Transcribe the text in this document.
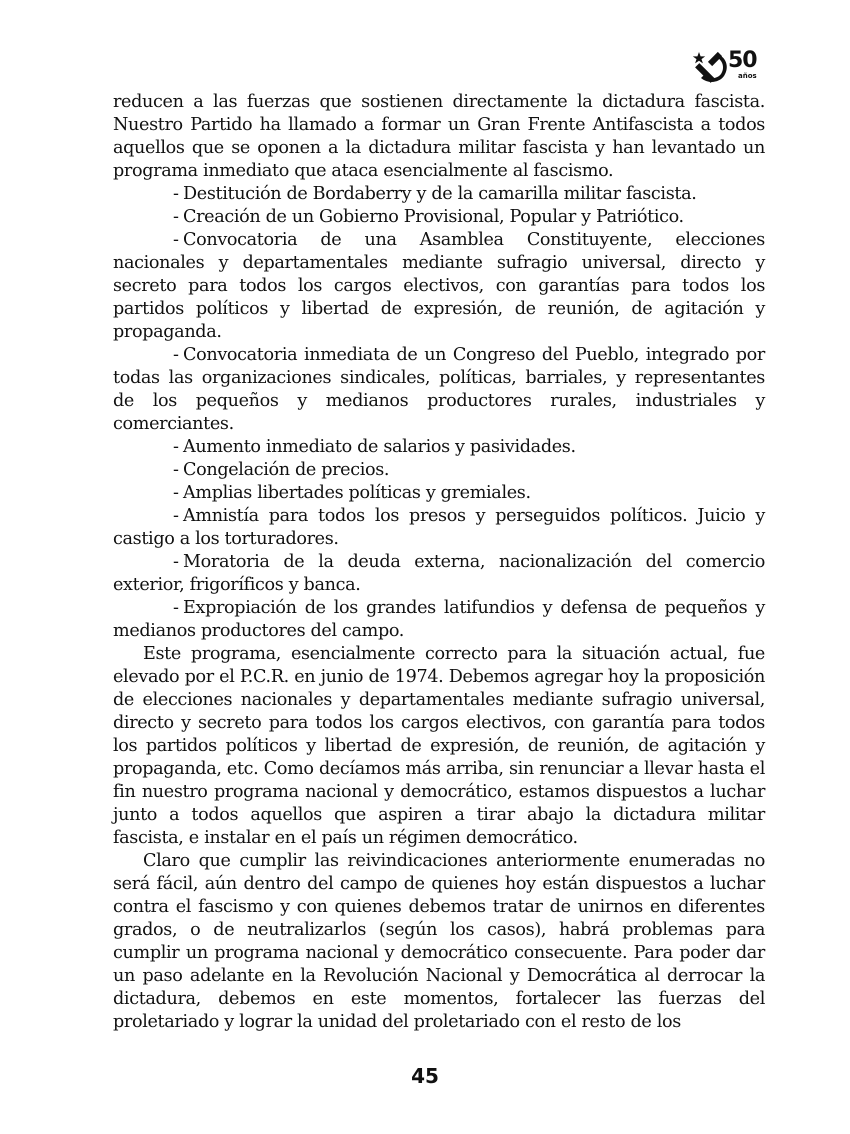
50
años

reducen a las fuerzas que sostienen directamente la dictadura fascista. Nuestro Partido ha llamado a formar un Gran Frente Antifascista a todos aquellos que se oponen a la dictadura militar fascista y han levantado un programa inmediato que ataca esencialmente al fascismo.

- Destitución de Bordaberry y de la camarilla militar fascista.

- Creación de un Gobierno Provisional, Popular y Patriótico.

- Convocatoria de una Asamblea Constituyente, elecciones nacionales y departamentales mediante sufragio universal, directo y secreto para todos los cargos electivos, con garantías para todos los partidos políticos y libertad de expresión, de reunión, de agitación y propaganda.

- Convocatoria inmediata de un Congreso del Pueblo, integrado por todas las organizaciones sindicales, políticas, barriales, y representantes de los pequeños y medianos productores rurales, industriales y comerciantes.

- Aumento inmediato de salarios y pasividades.

- Congelación de precios.

- Amplias libertades políticas y gremiales.

- Amnistía para todos los presos y perseguidos políticos. Juicio y castigo a los torturadores.

- Moratoria de la deuda externa, nacionalización del comercio exterior, frigoríficos y banca.

- Expropiación de los grandes latifundios y defensa de pequeños y medianos productores del campo.

Este programa, esencialmente correcto para la situación actual, fue elevado por el P.C.R. en junio de 1974. Debemos agregar hoy la proposición de elecciones nacionales y departamentales mediante sufragio universal, directo y secreto para todos los cargos electivos, con garantía para todos los partidos políticos y libertad de expresión, de reunión, de agitación y propaganda, etc. Como decíamos más arriba, sin renunciar a llevar hasta el fin nuestro programa nacional y democrático, estamos dispuestos a luchar junto a todos aquellos que aspiren a tirar abajo la dictadura militar fascista, e instalar en el país un régimen democrático.

Claro que cumplir las reivindicaciones anteriormente enumeradas no será fácil, aún dentro del campo de quienes hoy están dispuestos a luchar contra el fascismo y con quienes debemos tratar de unirnos en diferentes grados, o de neutralizarlos (según los casos), habrá problemas para cumplir un programa nacional y democrático consecuente. Para poder dar un paso adelante en la Revolución Nacional y Democrática al derrocar la dictadura, debemos en este momentos, fortalecer las fuerzas del proletariado y lograr la unidad del proletariado con el resto de los

45
